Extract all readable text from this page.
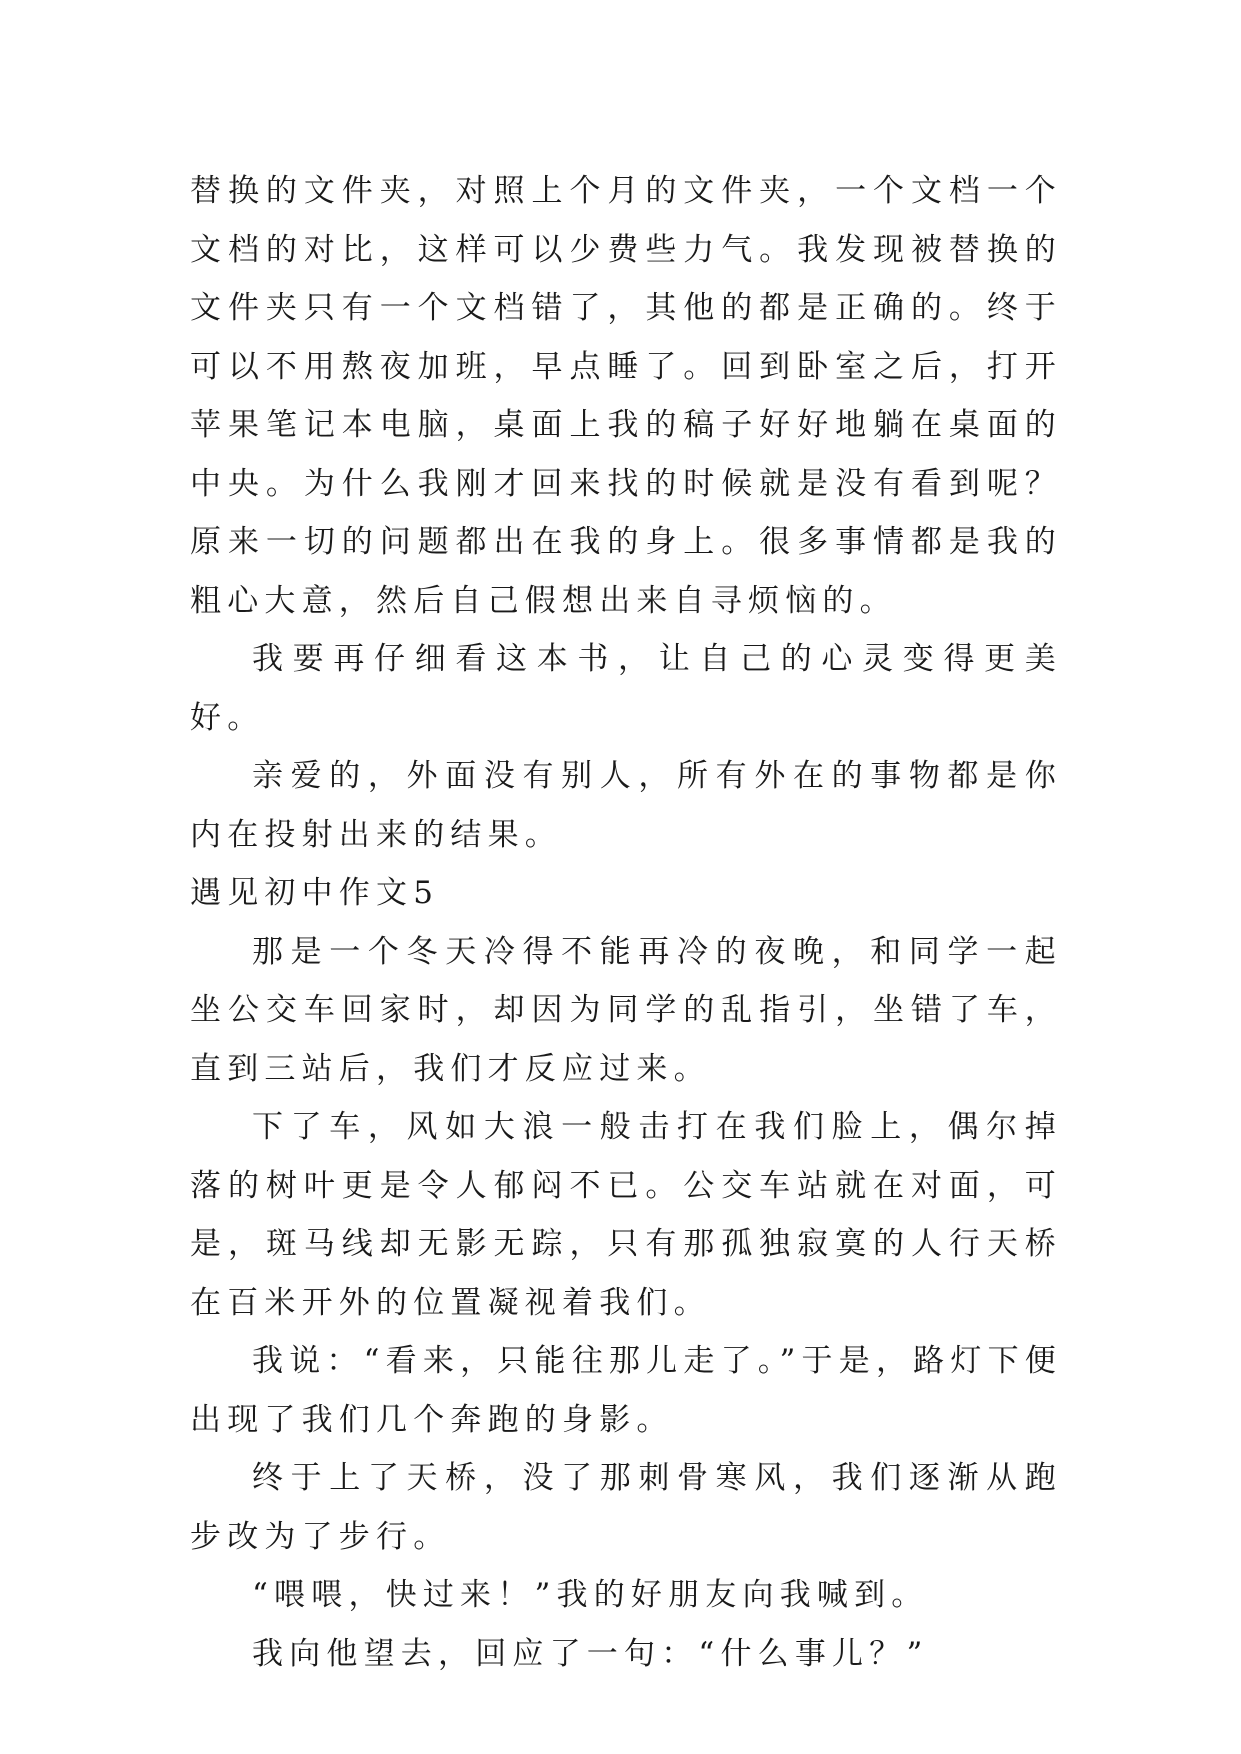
替换的文件夹，对照上个月的文件夹，一个文档一个文档的对比，这样可以少费些力气。我发现被替换的文件夹只有一个文档错了，其他的都是正确的。终于可以不用熬夜加班，早点睡了。回到卧室之后，打开苹果笔记本电脑，桌面上我的稿子好好地躺在桌面的中央。为什么我刚才回来找的时候就是没有看到呢？原来一切的问题都出在我的身上。很多事情都是我的粗心大意，然后自己假想出来自寻烦恼的。

我要再仔细看这本书，让自己的心灵变得更美好。

亲爱的，外面没有别人，所有外在的事物都是你内在投射出来的结果。

遇见初中作文5

那是一个冬天冷得不能再冷的夜晚，和同学一起坐公交车回家时，却因为同学的乱指引，坐错了车，直到三站后，我们才反应过来。

下了车，风如大浪一般击打在我们脸上，偶尔掉落的树叶更是令人郁闷不已。公交车站就在对面，可是，斑马线却无影无踪，只有那孤独寂寞的人行天桥在百米开外的位置凝视着我们。

我说：“看来，只能往那儿走了。”于是，路灯下便出现了我们几个奔跑的身影。

终于上了天桥，没了那刺骨寒风，我们逐渐从跑步改为了步行。

“喂喂，快过来！”我的好朋友向我喊到。

我向他望去，回应了一句：“什么事儿？”
